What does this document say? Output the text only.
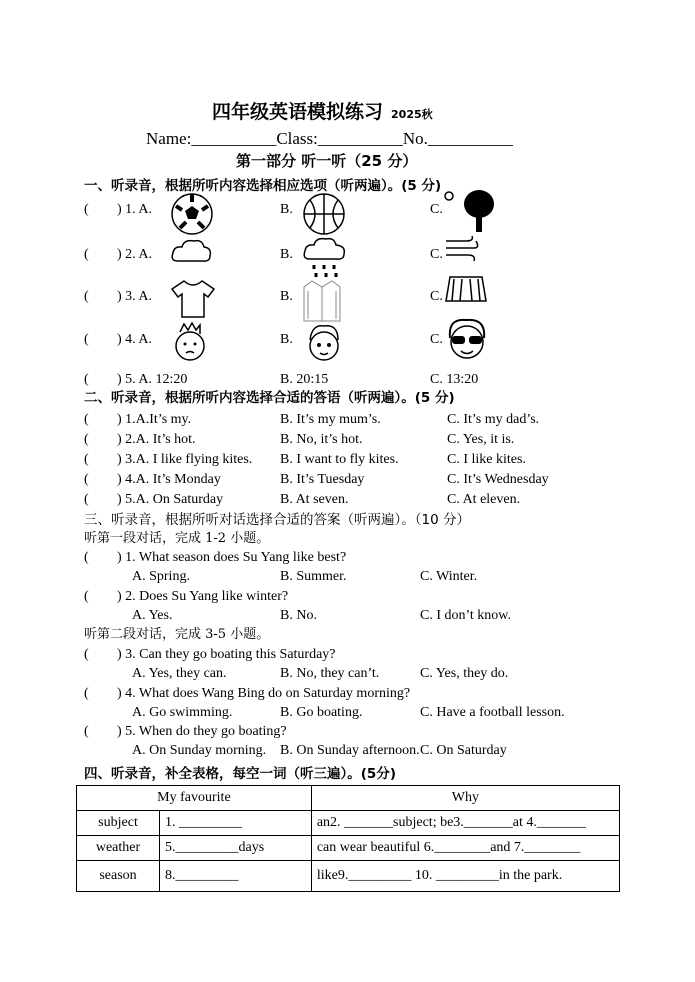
四年级英语模拟练习 2025秋
Name:__________Class:__________No.__________
第一部分 听一听（25 分）
一、听录音，根据所听内容选择相应选项（听两遍）。(5 分)
二、听录音，根据所听内容选择合适的答语（听两遍）。(5 分)
三、听录音，根据所听对话选择合适的答案（听两遍）。（10 分）
听第一段对话，完成 1-2 小题。
听第二段对话，完成 3-5 小题。
四、听录音，补全表格，每空一词（听三遍）。(5分)
My favourite		Why
subject	1. _________	an2. _______subject; be3._______at 4._______
weather	5._________days	can wear beautiful 6.________and 7.________
season	8._________	like9._________ 10. _________in the park.
( ) 1. A.	B.	C.
( ) 2. A.	B.	C.
( ) 3. A.	B.	C.
( ) 4. A.	B.	C.
( ) 5. A. 12:20	B. 20:15	C. 13:20
( ) 1.A.It’s my.	B. It’s my mum’s.	C. It’s my dad’s.
( ) 2.A. It’s hot.	B. No, it’s hot.	C. Yes, it is.
( ) 3.A. I like flying kites. B. I want to fly kites.	C. I like kites.
( ) 4.A. It’s Monday	B. It’s Tuesday	C. It’s Wednesday
( ) 5.A. On Saturday	B. At seven.	C. At eleven.
( ) 1. What season does Su Yang like best?
A. Spring.	B. Summer.	C. Winter.
( ) 2. Does Su Yang like winter?
A. Yes.	B. No.	C. I don’t know.
( ) 3. Can they go boating this Saturday?
A. Yes, they can.	B. No, they can’t.	C. Yes, they do.
( ) 4. What does Wang Bing do on Saturday morning?
A. Go swimming.	B. Go boating.	C. Have a football lesson.
( ) 5. When do they go boating?
A. On Sunday morning. B. On Sunday afternoon. C. On Saturday
